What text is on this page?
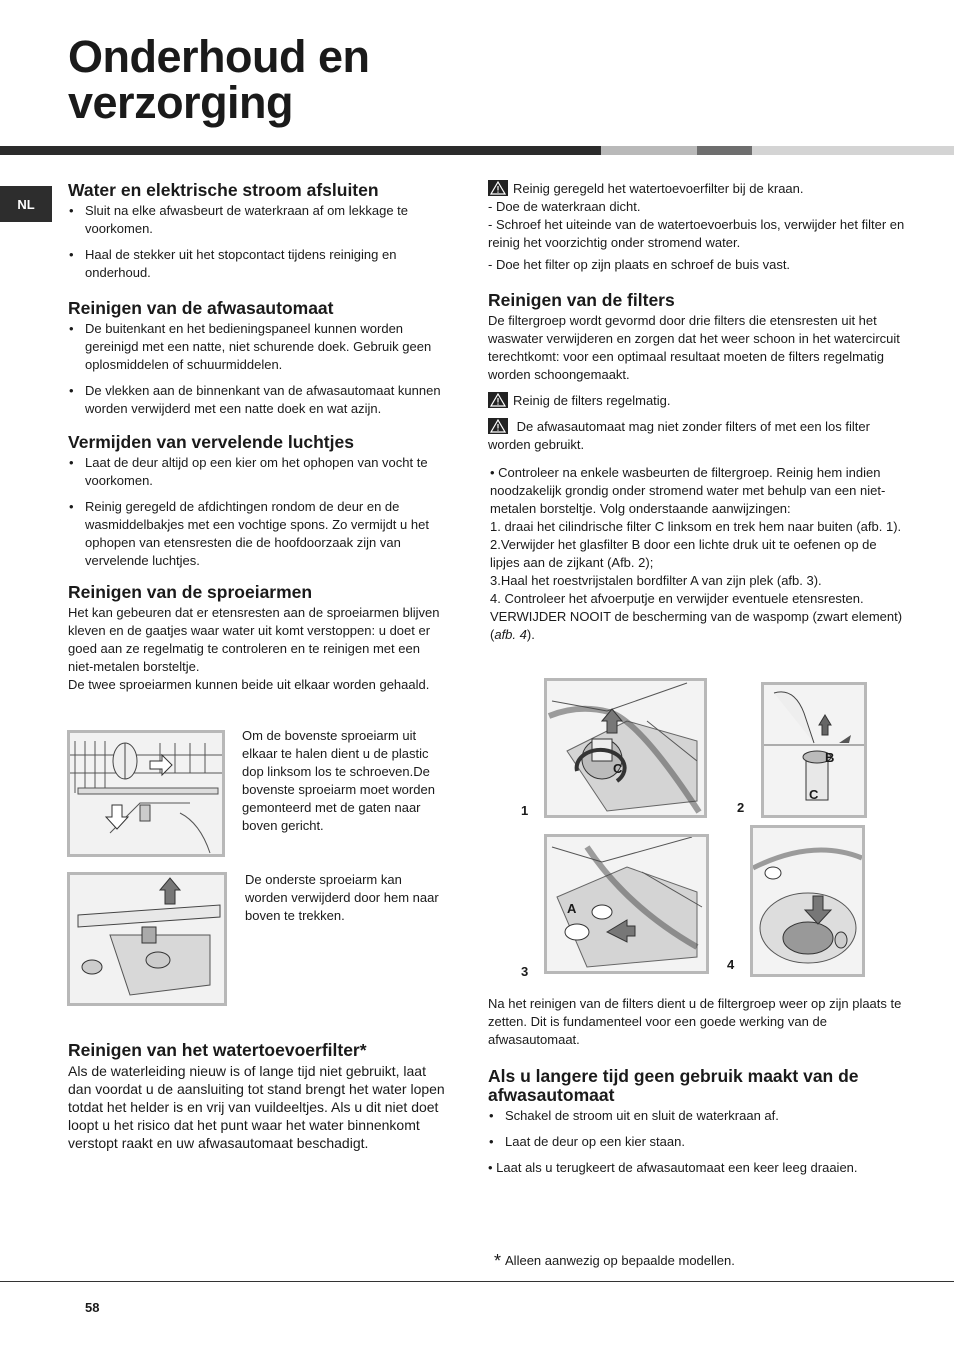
Onderhoud en
verzorging
NL
Water en elektrische stroom afsluiten
• Sluit na elke afwasbeurt de waterkraan af om lekkage te voorkomen.
• Haal de stekker uit het stopcontact tijdens reiniging en onderhoud.
Reinigen van de afwasautomaat
• De buitenkant en het bedieningspaneel kunnen worden gereinigd met een natte, niet schurende doek. Gebruik geen oplosmiddelen of schuurmiddelen.
• De vlekken aan de binnenkant van de afwasautomaat kunnen worden verwijderd met een natte doek en wat azijn.
Vermijden van vervelende luchtjes
• Laat de deur altijd op een kier om het ophopen van vocht te voorkomen.
• Reinig geregeld de afdichtingen rondom de deur en de wasmiddelbakjes met een vochtige spons. Zo vermijdt u het ophopen van etensresten die de hoofdoorzaak zijn van vervelende luchtjes.
Reinigen van de sproeiarmen
Het kan gebeuren dat er etensresten aan de sproeiarmen blijven kleven en de gaatjes waar water uit komt verstoppen: u doet er goed aan ze regelmatig te controleren en te reinigen met een niet-metalen borsteltje.
De twee sproeiarmen kunnen beide uit elkaar worden gehaald.
Om de bovenste sproeiarm uit elkaar te halen dient u de plastic dop linksom los te schroeven.De bovenste sproeiarm moet worden gemonteerd met de gaten naar boven gericht.
De onderste sproeiarm kan worden verwijderd door hem naar boven te trekken.
Reinigen van het watertoevoerfilter*
Als de waterleiding nieuw is of lange tijd niet gebruikt, laat dan voordat u de aansluiting tot stand brengt het water lopen totdat het helder is en vrij van vuildeeltjes. Als u dit niet doet loopt u het risico dat het punt waar het water binnenkomt verstopt raakt en uw afwasautomaat beschadigt.
Reinig geregeld het watertoevoerfilter bij de kraan.
- Doe de waterkraan dicht.
- Schroef het uiteinde van de watertoevoerbuis los, verwijder het filter en reinig het voorzichtig onder stromend water.
- Doe het filter op zijn plaats en schroef de buis vast.
Reinigen van de filters
De filtergroep wordt gevormd door drie filters die etensresten uit het waswater verwijderen en zorgen dat het weer schoon in het watercircuit terechtkomt: voor een optimaal resultaat moeten de filters regelmatig worden schoongemaakt.
Reinig de filters regelmatig.
De afwasautomaat mag niet zonder filters of met een los filter worden gebruikt.
• Controleer na enkele wasbeurten de filtergroep. Reinig hem indien noodzakelijk grondig onder stromend water met behulp van een niet-metalen borsteltje. Volg onderstaande aanwijzingen:
1. draai het cilindrische filter C linksom en trek hem naar buiten (afb. 1).
2.Verwijder het glasfilter B door een lichte druk uit te oefenen op de lipjes aan de zijkant (Afb. 2);
3.Haal het roestvrijstalen bordfilter A van zijn plek (afb. 3).
4. Controleer het afvoerputje en verwijder eventuele etensresten.
VERWIJDER NOOIT de bescherming van de waspomp (zwart element) (afb. 4).
C
1
B
C
2
A
3	4
Na het reinigen van de filters dient u de filtergroep weer op zijn plaats te zetten. Dit is fundamenteel voor een goede werking van de afwasautomaat.
Als u langere tijd geen gebruik maakt van de afwasautomaat
• Schakel de stroom uit en sluit de waterkraan af.
• Laat de deur op een kier staan.
• Laat als u terugkeert de afwasautomaat een keer leeg draaien.
* Alleen aanwezig op bepaalde modellen.
58
